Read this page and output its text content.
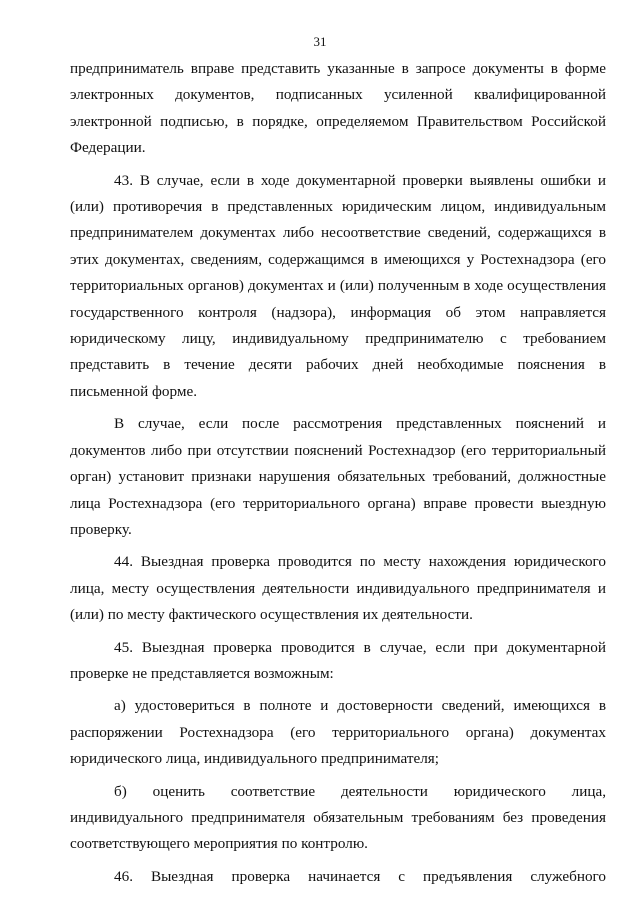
31

предприниматель вправе представить указанные в запросе документы в форме электронных документов, подписанных усиленной квалифицированной электронной подписью, в порядке, определяемом Правительством Российской Федерации.

43. В случае, если в ходе документарной проверки выявлены ошибки и (или) противоречия в представленных юридическим лицом, индивидуальным предпринимателем документах либо несоответствие сведений, содержащихся в этих документах, сведениям, содержащимся в имеющихся у Ростехнадзора (его территориальных органов) документах и (или) полученным в ходе осуществления государственного контроля (надзора), информация об этом направляется юридическому лицу, индивидуальному предпринимателю с требованием представить в течение десяти рабочих дней необходимые пояснения в письменной форме.

В случае, если после рассмотрения представленных пояснений и документов либо при отсутствии пояснений Ростехнадзор (его территориальный орган) установит признаки нарушения обязательных требований, должностные лица Ростехнадзора (его территориального органа) вправе провести выездную проверку.

44. Выездная проверка проводится по месту нахождения юридического лица, месту осуществления деятельности индивидуального предпринимателя и (или) по месту фактического осуществления их деятельности.

45. Выездная проверка проводится в случае, если при документарной проверке не представляется возможным:

а) удостовериться в полноте и достоверности сведений, имеющихся в распоряжении Ростехнадзора (его территориального органа) документах юридического лица, индивидуального предпринимателя;

б) оценить соответствие деятельности юридического лица, индивидуального предпринимателя обязательным требованиям без проведения соответствующего мероприятия по контролю.

46. Выездная проверка начинается с предъявления служебного
